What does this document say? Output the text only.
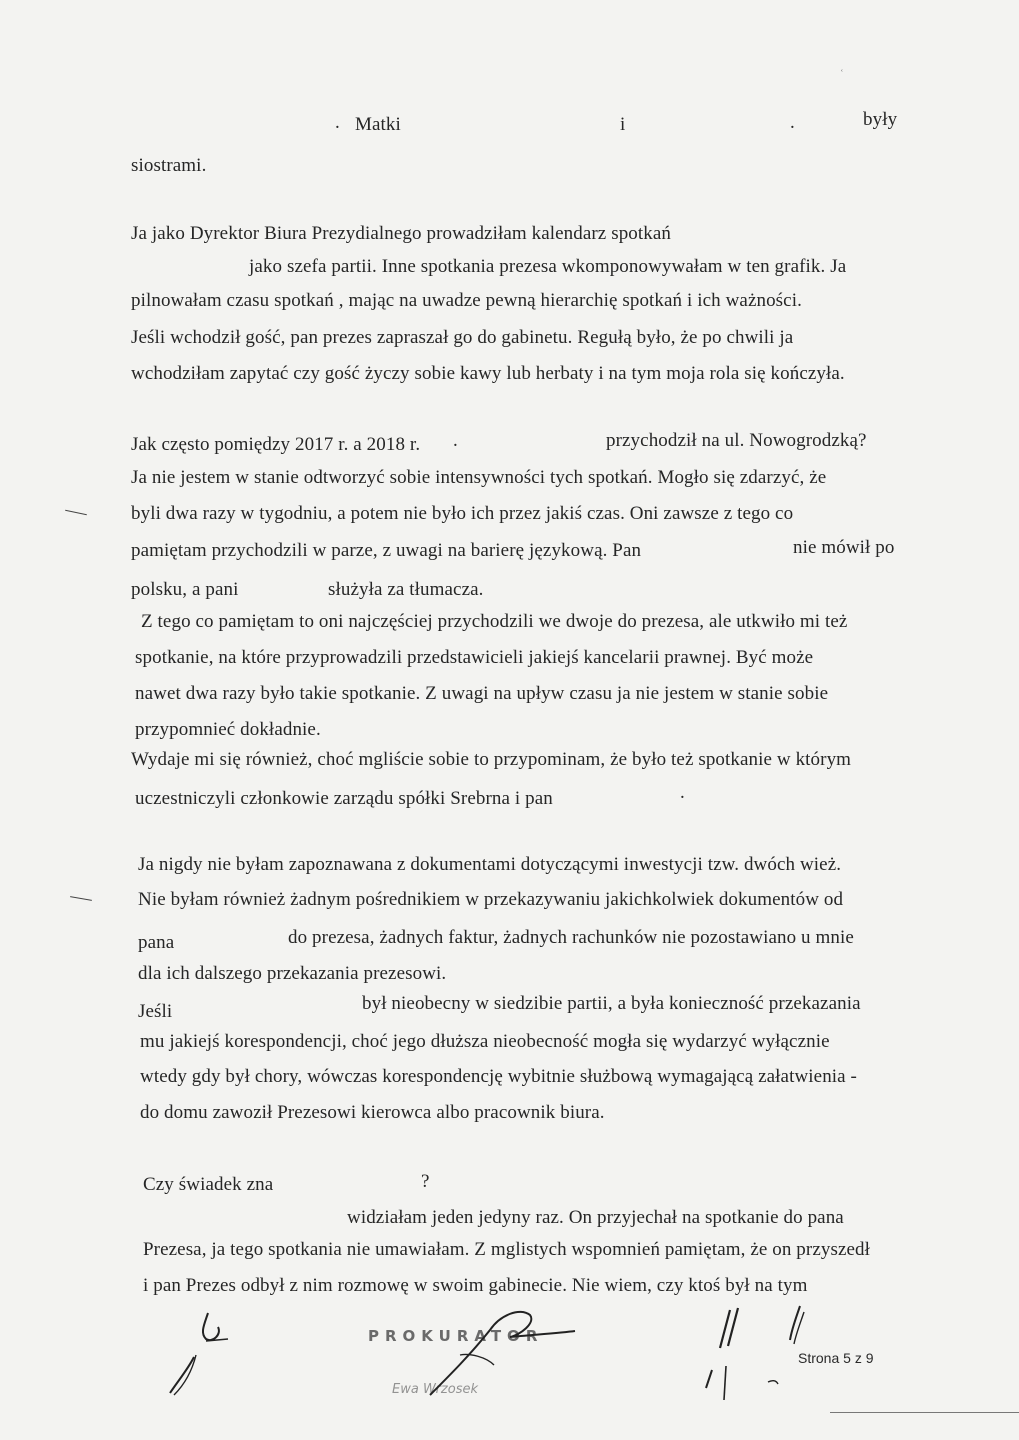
ʿ
.	.
.
.
Matki	i	były
siostrami.
Ja jako Dyrektor Biura Prezydialnego prowadziłam kalendarz spotkań
jako szefa partii. Inne spotkania prezesa wkomponowywałam w ten grafik. Ja
pilnowałam czasu spotkań , mając na uwadze pewną hierarchię spotkań i ich ważności.
Jeśli wchodził gość, pan prezes zapraszał go do gabinetu. Regułą było, że po chwili ja
wchodziłam zapytać czy gość życzy sobie kawy lub herbaty i na tym moja rola się kończyła.
Jak często pomiędzy 2017 r. a 2018 r.	przychodził na ul. Nowogrodzką?
Ja nie jestem w stanie odtworzyć sobie intensywności tych spotkań. Mogło się zdarzyć, że
byli dwa razy w tygodniu, a potem nie było ich przez jakiś czas. Oni zawsze z tego co
pamiętam przychodzili w parze, z uwagi na barierę językową. Pan	nie mówił po
polsku, a pani	służyła za tłumacza.
Z tego co pamiętam to oni najczęściej przychodzili we dwoje do prezesa, ale utkwiło mi też
spotkanie, na które przyprowadzili przedstawicieli jakiejś kancelarii prawnej. Być może
nawet dwa razy było takie spotkanie. Z uwagi na upływ czasu ja nie jestem w stanie sobie
przypomnieć dokładnie.
Wydaje mi się również, choć mgliście sobie to przypominam, że było też spotkanie w którym
uczestniczyli członkowie zarządu spółki Srebrna i pan
Ja nigdy nie byłam zapoznawana z dokumentami dotyczącymi inwestycji tzw. dwóch wież.
Nie byłam również żadnym pośrednikiem w przekazywaniu jakichkolwiek dokumentów od
pana	do prezesa, żadnych faktur, żadnych rachunków nie pozostawiano u mnie
dla ich dalszego przekazania prezesowi.
Jeśli	był nieobecny w siedzibie partii, a była konieczność przekazania
mu jakiejś korespondencji, choć jego dłuższa nieobecność mogła się wydarzyć wyłącznie
wtedy gdy był chory, wówczas korespondencję wybitnie służbową wymagającą załatwienia -
do domu zawoził Prezesowi kierowca albo pracownik biura.
Czy świadek zna	?
widziałam jeden jedyny raz. On przyjechał na spotkanie do pana
Prezesa, ja tego spotkania nie umawiałam. Z mglistych wspomnień pamiętam, że on przyszedł
i pan Prezes odbył z nim rozmowę w swoim gabinecie. Nie wiem, czy ktoś był na tym
PROKURATOR
Ewa Wrzosek
Strona 5 z 9
